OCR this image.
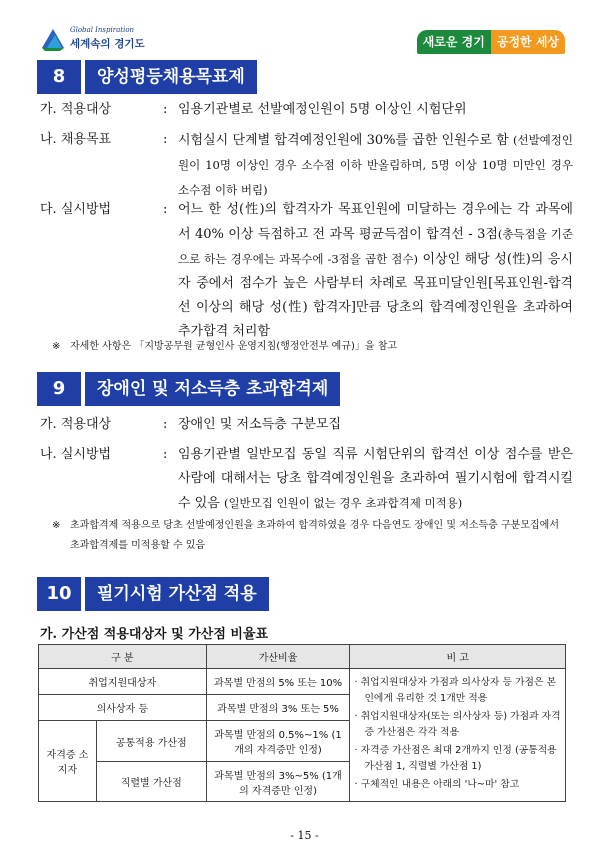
Global Inspiration
세계속의 경기도	새로운 경기	공정한 세상
8	양성평등채용목표제
가. 적용대상	: 임용기관별로 선발예정인원이 5명 이상인 시험단위
나. 채용목표	: 시험실시 단계별 합격예정인원에 30%를 곱한 인원수로 함 (선발예정인원이 10명 이상인 경우 소수점 이하 반올림하며, 5명 이상 10명 미만인 경우 소수점 이하 버림)
다. 실시방법	: 어느 한 성(性)의 합격자가 목표인원에 미달하는 경우에는 각 과목에서 40% 이상 득점하고 전 과목 평균득점이 합격선 - 3점(총득점을 기준으로 하는 경우에는 과목수에 -3점을 곱한 점수) 이상인 해당 성(性)의 응시자 중에서 점수가 높은 사람부터 차례로 목표미달인원[목표인원-합격선 이상의 해당 성(性) 합격자]만큼 당초의 합격예정인원을 초과하여 추가합격 처리함
※ 자세한 사항은 「지방공무원 균형인사 운영지침(행정안전부 예규)」을 참고
9	장애인 및 저소득층 초과합격제
가. 적용대상	: 장애인 및 저소득층 구분모집
나. 실시방법	: 임용기관별 일반모집 동일 직류 시험단위의 합격선 이상 점수를 받은 사람에 대해서는 당초 합격예정인원을 초과하여 필기시험에 합격시킬 수 있음 (일반모집 인원이 없는 경우 초과합격제 미적용)
※ 초과합격제 적용으로 당초 선발예정인원을 초과하여 합격하였을 경우 다음연도 장애인 및 저소득층 구분모집에서 초과합격제를 미적용할 수 있음
10	필기시험 가산점 적용
가. 가산점 적용대상자 및 가산점 비율표
구 분		가산비율	비 고
취업지원대상자		과목별 만점의 5% 또는 10%	· 취업지원대상자 가점과 의사상자 등 가점은 본인에게 유리한 것 1개만 적용
· 취업지원대상자(또는 의사상자 등) 가점과 자격증 가산점은 각각 적용
· 자격증 가산점은 최대 2개까지 인정 (공통적용 가산점 1, 직렬별 가산점 1)
· 구체적인 내용은 아래의 '나~마' 참고

의사상자 등		과목별 만점의 3% 또는 5%	
자격증 소지자	공통적용 가산점	과목별 만점의 0.5%~1% (1개의 자격증만 인정)	
	직렬별 가산점	과목별 만점의 3%~5% (1개의 자격증만 인정)	
- 15 -
